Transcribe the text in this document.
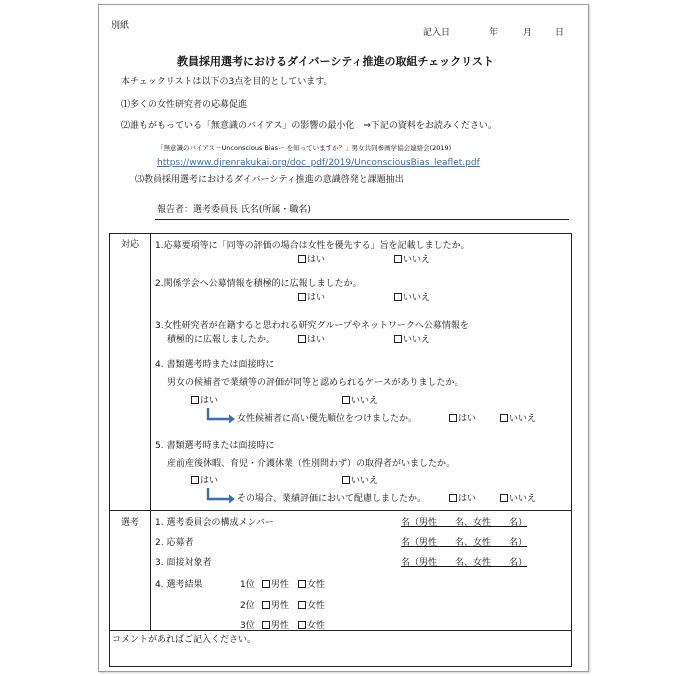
別紙
記入日	年	月	日
教員採用選考におけるダイバーシティ推進の取組チェックリスト
本チェックリストは以下の3点を目的としています。
⑴多くの女性研究者の応募促進
⑵誰もがもっている「無意識のバイアス」の影響の最小化　⇒下記の資料をお読みください。
「無意識のバイアス－Unconscious Biasー を知っていますか？」男女共同参画学協会連絡会(2019)
https://www.djrenrakukai.org/doc_pdf/2019/UnconsciousBias_leaflet.pdf
⑶教員採用選考におけるダイバーシティ推進の意識啓発と課題抽出
報告者：選考委員長 氏名(所属・職名)
対応 1.応募要項等に「同等の評価の場合は女性を優先する」旨を記載しましたか。
はい	いいえ
2.関係学会へ公募情報を積極的に広報しましたか。
はい	いいえ
3.女性研究者が在籍すると思われる研究グループやネットワークへ公募情報を
積極的に広報しましたか。	はい	いいえ
4. 書類選考時または面接時に
男女の候補者で業績等の評価が同等と認められるケースがありましたか。
はい	いいえ
女性候補者に高い優先順位をつけましたか。	はい	いいえ
5. 書類選考時または面接時に
産前産後休暇、育児・介護休業（性別問わず）の取得者がいましたか。
はい	いいえ
その場合、業績評価において配慮しましたか。	はい	いいえ
選考 1. 選考委員会の構成メンバー	名（男性　　名、女性　　名）
2. 応募者	名（男性　　名、女性　　名）
3. 面接対象者	名（男性　　名、女性　　名）
4. 選考結果	1位	男性	女性
2位	男性	女性
3位	男性	女性
コメントがあればご記入ください。
